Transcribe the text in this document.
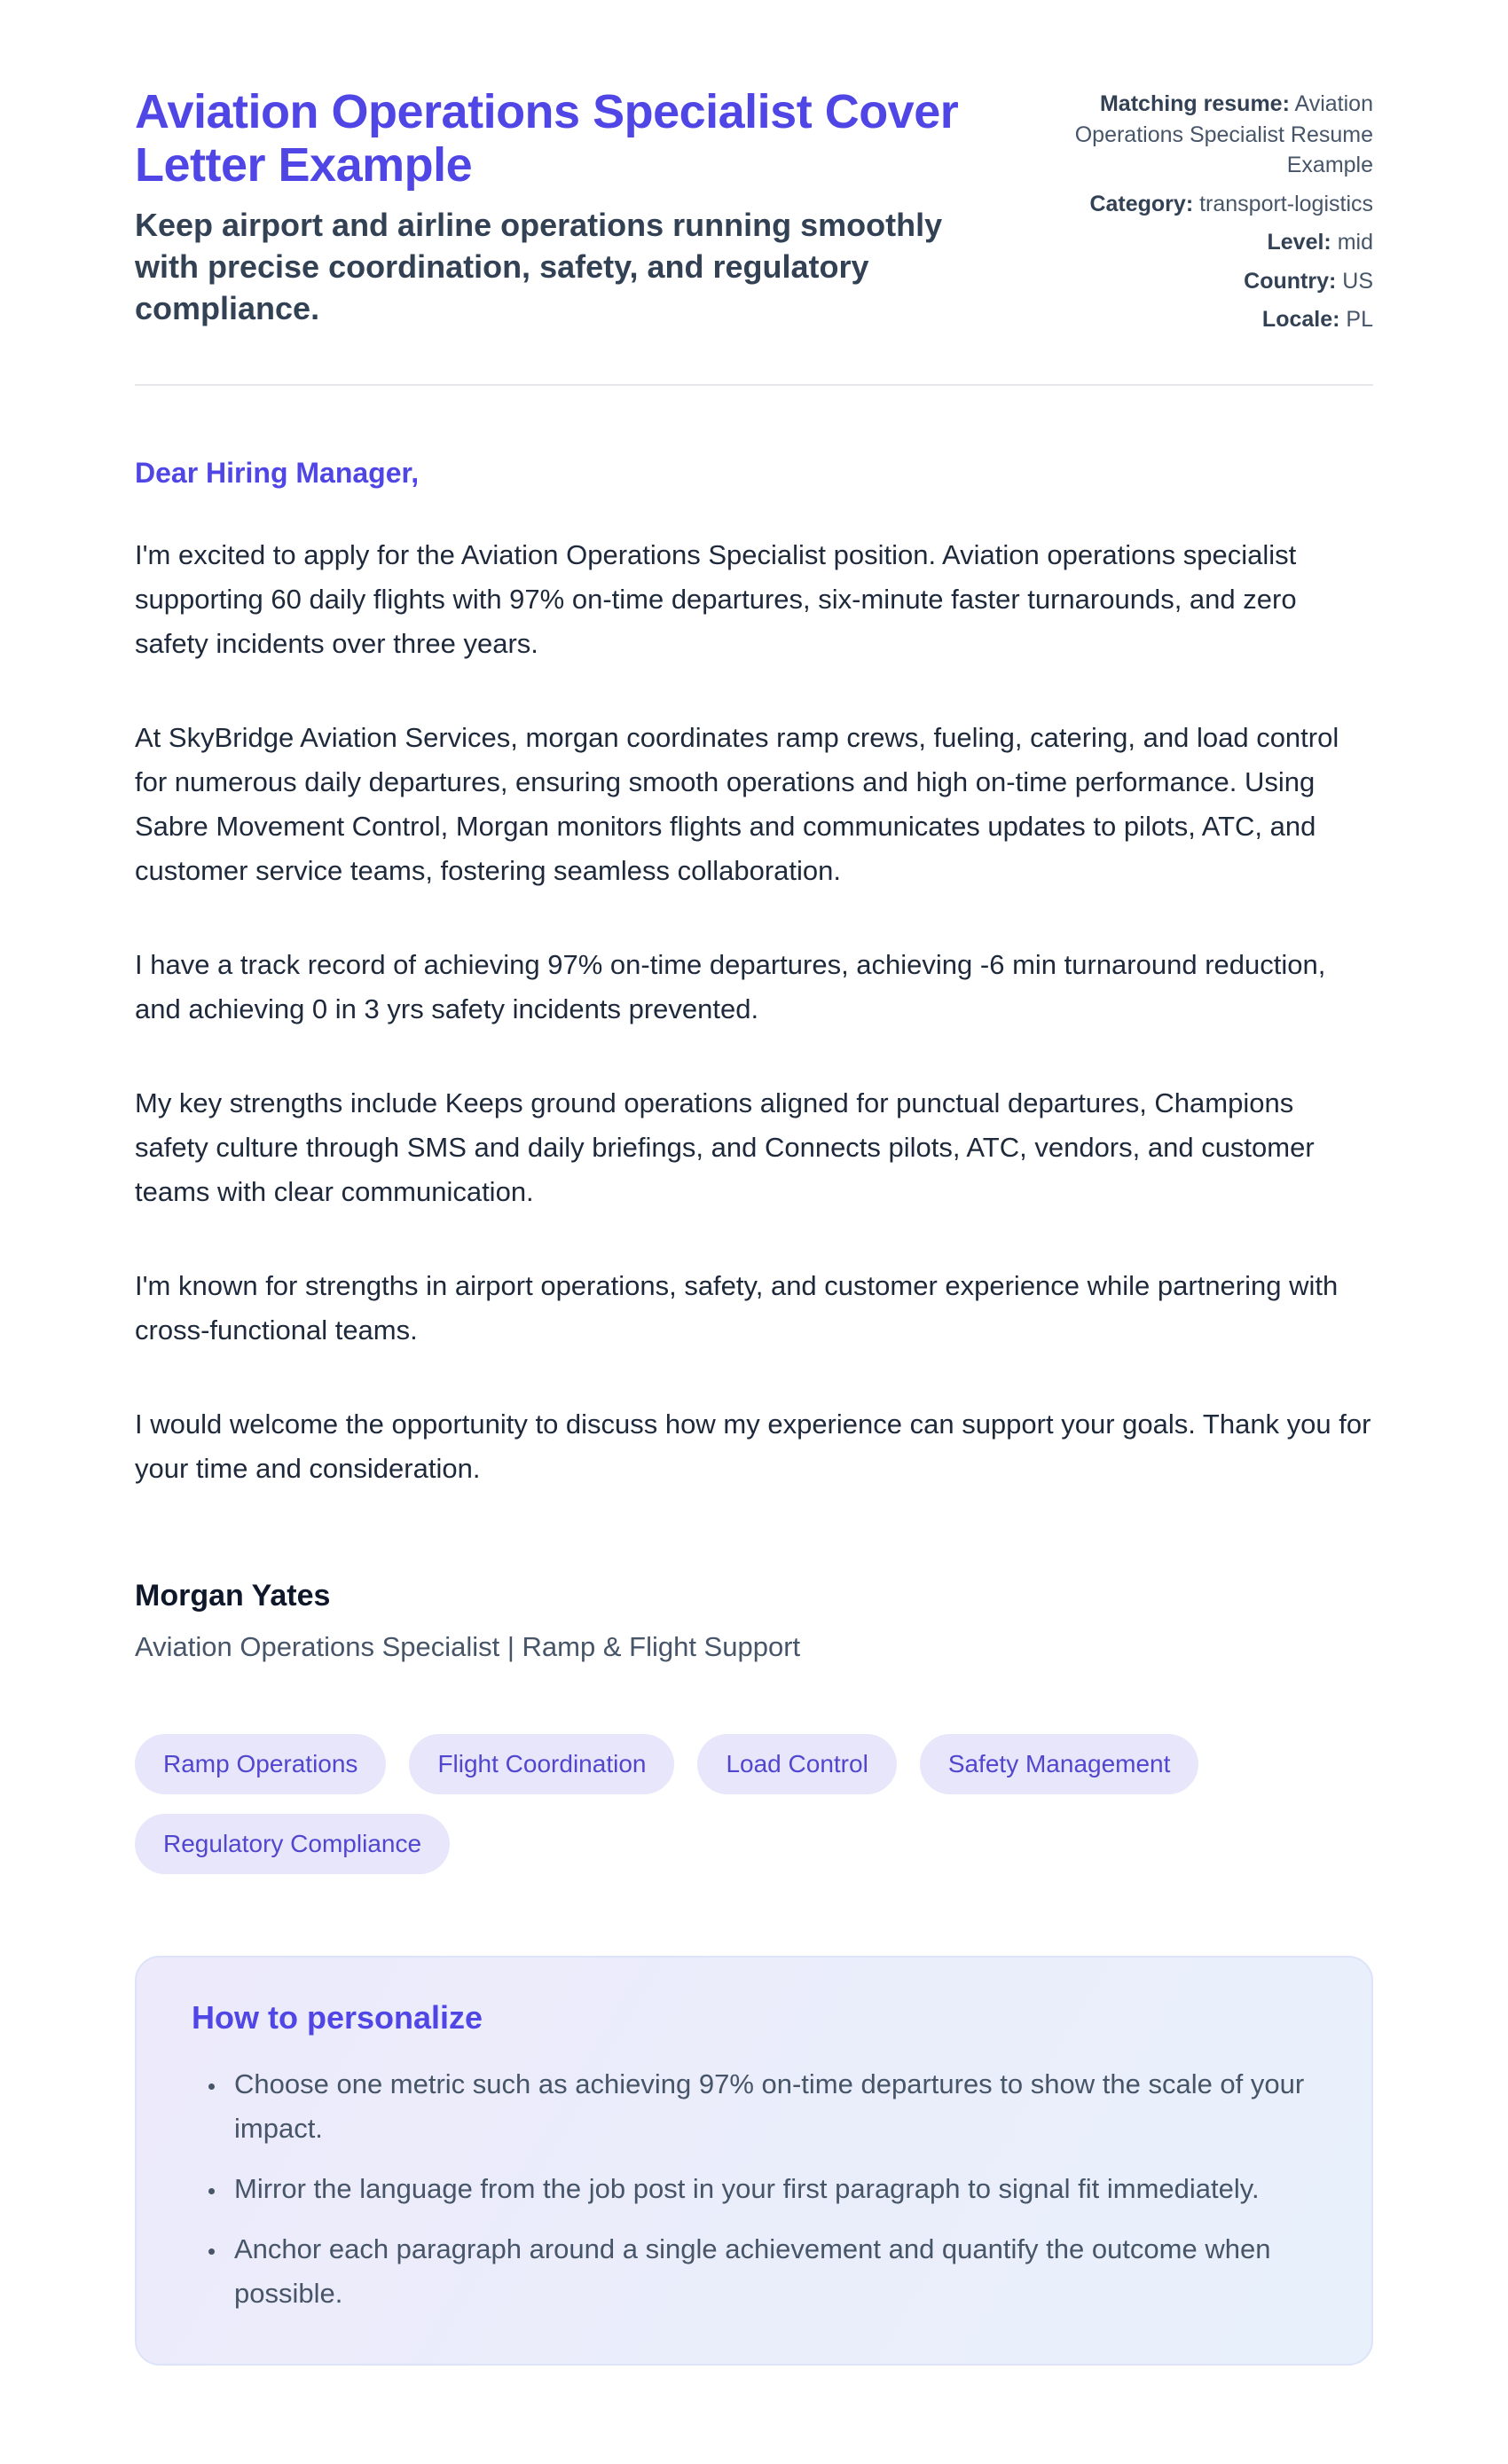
Aviation Operations Specialist Cover Letter Example

Keep airport and airline operations running smoothly with precise coordination, safety, and regulatory compliance.

Matching resume: Aviation Operations Specialist Resume Example
Category: transport-logistics
Level: mid
Country: US
Locale: PL

Dear Hiring Manager,

I'm excited to apply for the Aviation Operations Specialist position. Aviation operations specialist supporting 60 daily flights with 97% on-time departures, six-minute faster turnarounds, and zero safety incidents over three years.

At SkyBridge Aviation Services, morgan coordinates ramp crews, fueling, catering, and load control for numerous daily departures, ensuring smooth operations and high on-time performance. Using Sabre Movement Control, Morgan monitors flights and communicates updates to pilots, ATC, and customer service teams, fostering seamless collaboration.

I have a track record of achieving 97% on-time departures, achieving -6 min turnaround reduction, and achieving 0 in 3 yrs safety incidents prevented.

My key strengths include Keeps ground operations aligned for punctual departures, Champions safety culture through SMS and daily briefings, and Connects pilots, ATC, vendors, and customer teams with clear communication.

I'm known for strengths in airport operations, safety, and customer experience while partnering with cross-functional teams.

I would welcome the opportunity to discuss how my experience can support your goals. Thank you for your time and consideration.

Morgan Yates

Aviation Operations Specialist | Ramp & Flight Support

Ramp Operations	Flight Coordination	Load Control	Safety Management
Regulatory Compliance
How to personalize
• Choose one metric such as achieving 97% on-time departures to show the scale of your impact.
• Mirror the language from the job post in your first paragraph to signal fit immediately.
• Anchor each paragraph around a single achievement and quantify the outcome when possible.
